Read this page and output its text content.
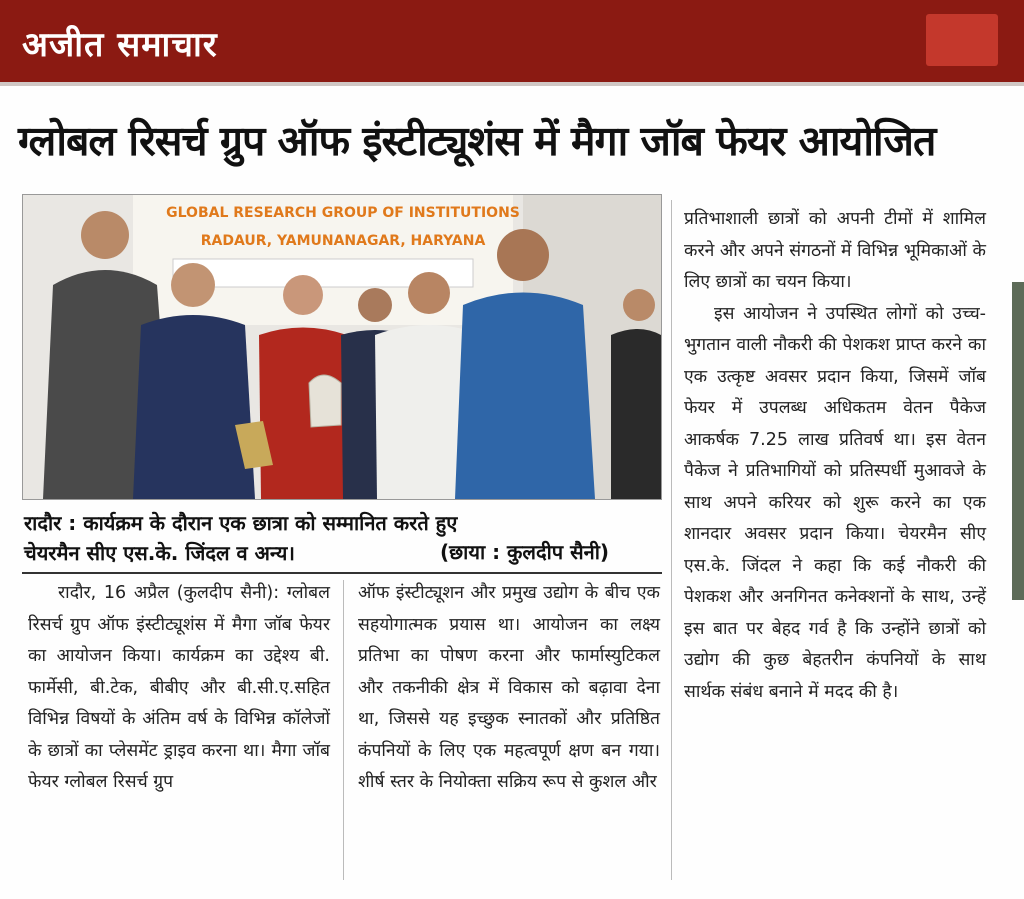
अजीत समाचार
ग्लोबल रिसर्च ग्रुप ऑफ इंस्टीट्यूशंस में मैगा जॉब फेयर आयोजित
GLOBAL RESEARCH GROUP OF INSTITUTIONS
RADAUR, YAMUNANAGAR, HARYANA
रादौर : कार्यक्रम के दौरान एक छात्रा को सम्मानित करते हुए
चेयरमैन सीए एस.के. जिंदल व अन्य।	(छाया : कुलदीप सैनी)

रादौर, 16 अप्रैल (कुलदीप सैनी): ग्लोबल रिसर्च ग्रुप ऑफ इंस्टीट्यूशंस में मैगा जॉब फेयर का आयोजन किया। कार्यक्रम का उद्देश्य बी. फार्मेसी, बी.टेक, बीबीए और बी.सी.ए.सहित विभिन्न विषयों के अंतिम वर्ष के विभिन्न कॉलेजों के छात्रों का प्लेसमेंट ड्राइव करना था। मैगा जॉब फेयर ग्लोबल रिसर्च ग्रुप

ऑफ इंस्टीट्यूशन और प्रमुख उद्योग के बीच एक सहयोगात्मक प्रयास था। आयोजन का लक्ष्य प्रतिभा का पोषण करना और फार्मास्युटिकल और तकनीकी क्षेत्र में विकास को बढ़ावा देना था, जिससे यह इच्छुक स्नातकों और प्रतिष्ठित कंपनियों के लिए एक महत्वपूर्ण क्षण बन गया। शीर्ष स्तर के नियोक्ता सक्रिय रूप से कुशल और

प्रतिभाशाली छात्रों को अपनी टीमों में शामिल करने और अपने संगठनों में विभिन्न भूमिकाओं के लिए छात्रों का चयन किया।

इस आयोजन ने उपस्थित लोगों को उच्च-भुगतान वाली नौकरी की पेशकश प्राप्त करने का एक उत्कृष्ट अवसर प्रदान किया, जिसमें जॉब फेयर में उपलब्ध अधिकतम वेतन पैकेज आकर्षक 7.25 लाख प्रतिवर्ष था। इस वेतन पैकेज ने प्रतिभागियों को प्रतिस्पर्धी मुआवजे के साथ अपने करियर को शुरू करने का एक शानदार अवसर प्रदान किया। चेयरमैन सीए एस.के. जिंदल ने कहा कि कई नौकरी की पेशकश और अनगिनत कनेक्शनों के साथ, उन्हें इस बात पर बेहद गर्व है कि उन्होंने छात्रों को उद्योग की कुछ बेहतरीन कंपनियों के साथ सार्थक संबंध बनाने में मदद की है।
